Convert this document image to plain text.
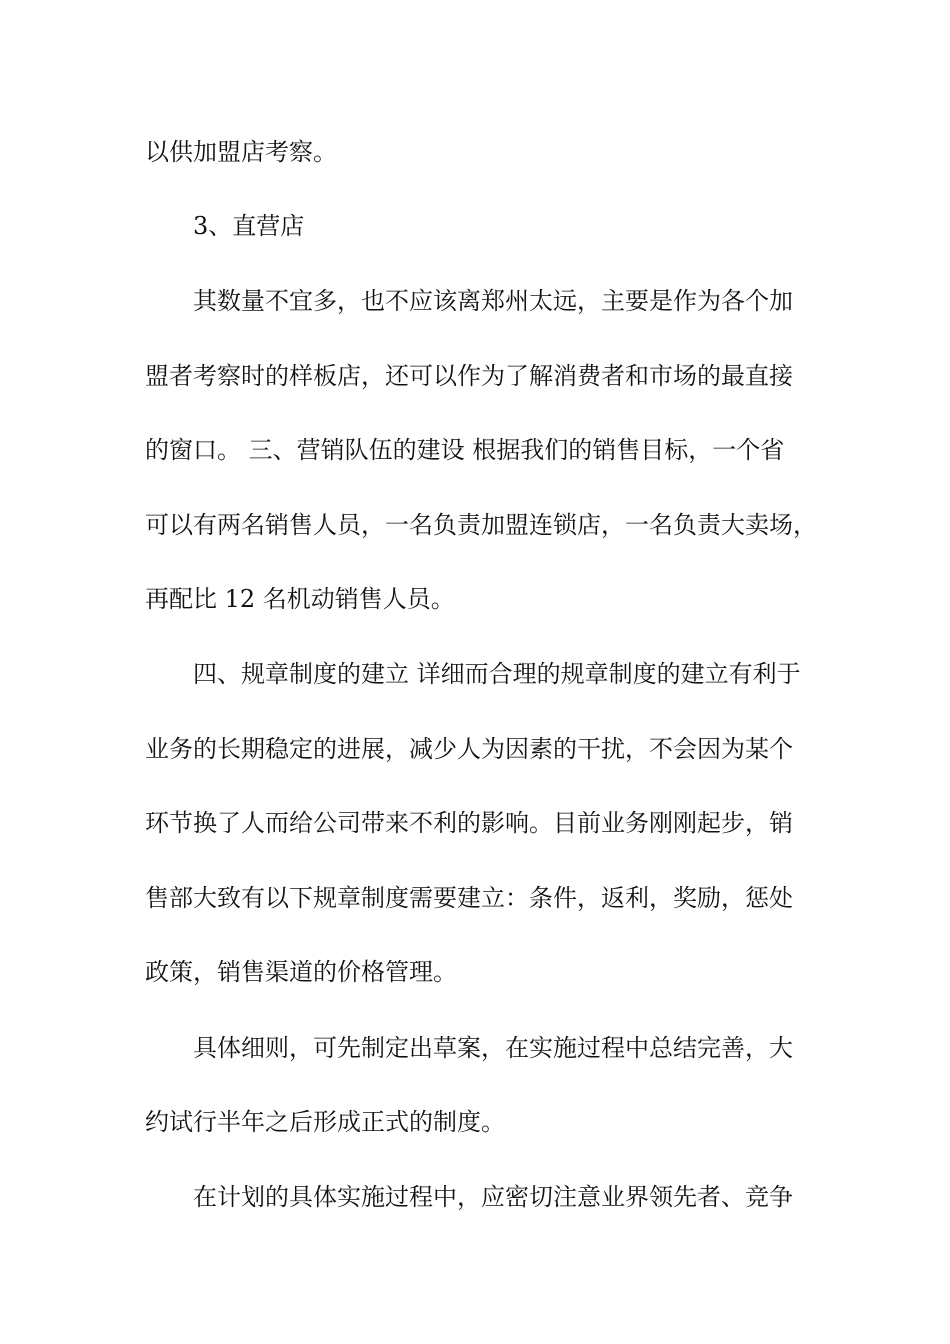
以供加盟店考察。
3、直营店
其数量不宜多，也不应该离郑州太远，主要是作为各个加
盟者考察时的样板店，还可以作为了解消费者和市场的最直接
的窗口。 三、营销队伍的建设 根据我们的销售目标，一个省
可以有两名销售人员，一名负责加盟连锁店，一名负责大卖场，
再配比 12 名机动销售人员。
四、规章制度的建立 详细而合理的规章制度的建立有利于
业务的长期稳定的进展，减少人为因素的干扰，不会因为某个
环节换了人而给公司带来不利的影响。目前业务刚刚起步，销
售部大致有以下规章制度需要建立：条件，返利，奖励，惩处
政策，销售渠道的价格管理。
具体细则，可先制定出草案，在实施过程中总结完善，大
约试行半年之后形成正式的制度。
在计划的具体实施过程中，应密切注意业界领先者、竞争
